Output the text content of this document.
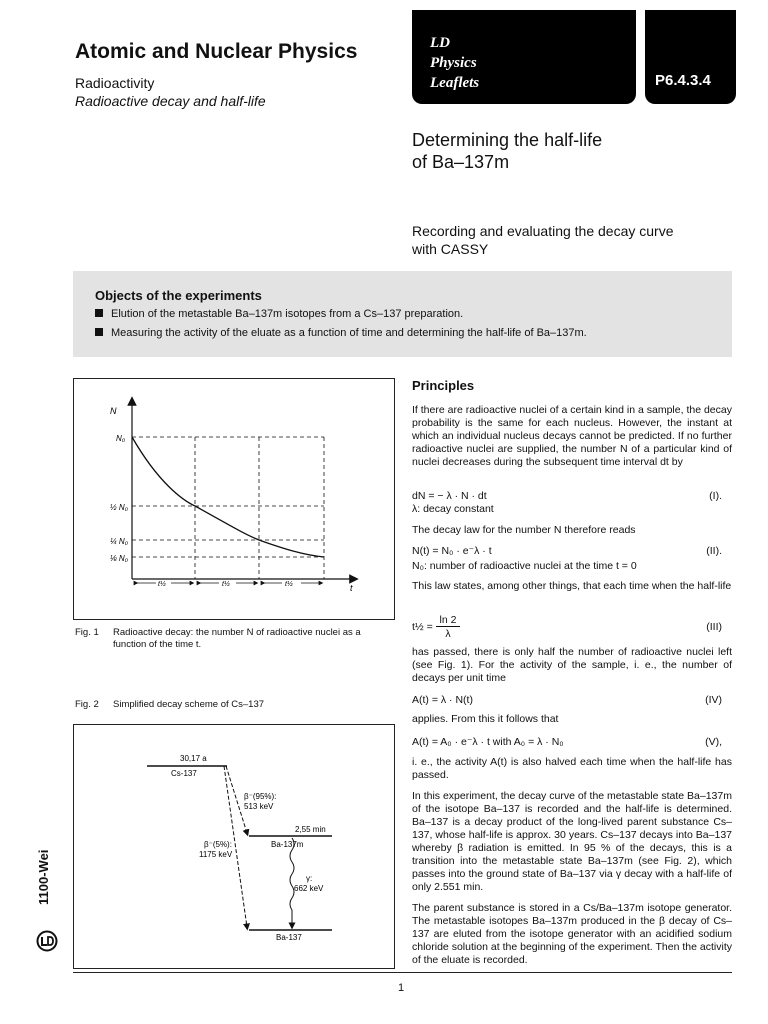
Atomic and Nuclear Physics
Radioactivity
Radioactive decay and half-life
LD
Physics
Leaflets	P6.4.3.4
Determining the half-life
of Ba–137m
Recording and evaluating the decay curve
with CASSY
Objects of the experiments
Elution of the metastable Ba–137m isotopes from a Cs–137 preparation.
Measuring the activity of the eluate as a function of time and determining the half-life of Ba–137m.
N
t
N₀
½ N₀
¼ N₀
⅛ N₀
t½	t½	t½
Fig. 1 Radioactive decay: the number N of radioactive nuclei as a function of the time t.
Fig. 2 Simplified decay scheme of Cs–137
30,17 a
Cs-137
2,55 min
Ba-137m
Ba-137
β⁻(95%):
513 keV
β⁻(5%):
1175 keV
γ:
662 keV
Principles
If there are radioactive nuclei of a certain kind in a sample, the decay probability is the same for each nucleus. However, the instant at which an individual nucleus decays cannot be predicted. If no further radioactive nuclei are supplied, the number N of a particular kind of nuclei decreases during the subsequent time interval dt by
dN = − λ · N · dt	(I).
λ: decay constant
The decay law for the number N therefore reads
N(t) = N₀ · e⁻λ · t	(II).
N₀: number of radioactive nuclei at the time t = 0
This law states, among other things, that each time when the half-life
t½ =
ln 2
λ
(III)
has passed, there is only half the number of radioactive nuclei left (see Fig. 1). For the activity of the sample, i. e., the number of decays per unit time
A(t) = λ · N(t)	(IV)
applies. From this it follows that
A(t) = A₀ · e⁻λ · t with A₀ = λ · N₀	(V),
i. e., the activity A(t) is also halved each time when the half-life has passed.
In this experiment, the decay curve of the metastable state Ba–137m of the isotope Ba–137 is recorded and the half-life is determined. Ba–137 is a decay product of the long-lived parent substance Cs–137, whose half-life is approx. 30 years. Cs–137 decays into Ba–137 whereby β radiation is emitted. In 95 % of the decays, this is a transition into the metastable state Ba–137m (see Fig. 2), which passes into the ground state of Ba–137 via γ decay with a half-life of only 2.551 min.
The parent substance is stored in a Cs/Ba–137m isotope generator. The metastable isotopes Ba–137m produced in the β decay of Cs–137 are eluted from the isotope generator with an acidified sodium chloride solution at the beginning of the experiment. Then the activity of the eluate is recorded.
1
1100-Wei
